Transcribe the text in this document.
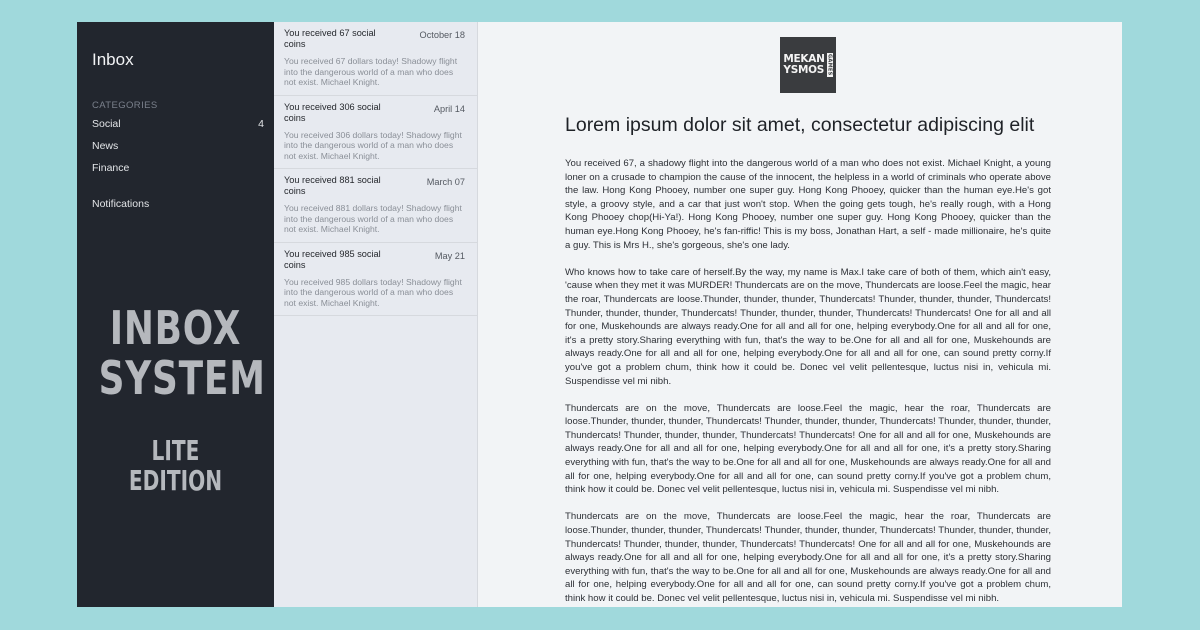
Inbox
CATEGORIES
Social	4
News
Finance
Notifications
INBOX
SYSTEM
LITE EDITION
You received 67 social coins
October 18
You received 67 dollars today! Shadowy flight into the dangerous world of a man who does not exist. Michael Knight.
You received 306 social coins
April 14
You received 306 dollars today! Shadowy flight into the dangerous world of a man who does not exist. Michael Knight.
You received 881 social coins
March 07
You received 881 dollars today! Shadowy flight into the dangerous world of a man who does not exist. Michael Knight.
You received 985 social coins
May 21
You received 985 dollars today! Shadowy flight into the dangerous world of a man who does not exist. Michael Knight.
MEKAN
YSMOS GAMES
Lorem ipsum dolor sit amet, consectetur adipiscing elit

You received 67, a shadowy flight into the dangerous world of a man who does not exist. Michael Knight, a young loner on a crusade to champion the cause of the innocent, the helpless in a world of criminals who operate above the law. Hong Kong Phooey, number one super guy. Hong Kong Phooey, quicker than the human eye.He's got style, a groovy style, and a car that just won't stop. When the going gets tough, he's really rough, with a Hong Kong Phooey chop(Hi-Ya!). Hong Kong Phooey, number one super guy. Hong Kong Phooey, quicker than the human eye.Hong Kong Phooey, he's fan-riffic! This is my boss, Jonathan Hart, a self - made millionaire, he's quite a guy. This is Mrs H., she's gorgeous, she's one lady.

Who knows how to take care of herself.By the way, my name is Max.I take care of both of them, which ain't easy, 'cause when they met it was MURDER! Thundercats are on the move, Thundercats are loose.Feel the magic, hear the roar, Thundercats are loose.Thunder, thunder, thunder, Thundercats! Thunder, thunder, thunder, Thundercats! Thunder, thunder, thunder, Thundercats! Thunder, thunder, thunder, Thundercats! Thundercats! One for all and all for one, Muskehounds are always ready.One for all and all for one, helping everybody.One for all and all for one, it's a pretty story.Sharing everything with fun, that's the way to be.One for all and all for one, Muskehounds are always ready.One for all and all for one, helping everybody.One for all and all for one, can sound pretty corny.If you've got a problem chum, think how it could be. Donec vel velit pellentesque, luctus nisi in, vehicula mi. Suspendisse vel mi nibh.

Thundercats are on the move, Thundercats are loose.Feel the magic, hear the roar, Thundercats are loose.Thunder, thunder, thunder, Thundercats! Thunder, thunder, thunder, Thundercats! Thunder, thunder, thunder, Thundercats! Thunder, thunder, thunder, Thundercats! Thundercats! One for all and all for one, Muskehounds are always ready.One for all and all for one, helping everybody.One for all and all for one, it's a pretty story.Sharing everything with fun, that's the way to be.One for all and all for one, Muskehounds are always ready.One for all and all for one, helping everybody.One for all and all for one, can sound pretty corny.If you've got a problem chum, think how it could be. Donec vel velit pellentesque, luctus nisi in, vehicula mi. Suspendisse vel mi nibh.

Thundercats are on the move, Thundercats are loose.Feel the magic, hear the roar, Thundercats are loose.Thunder, thunder, thunder, Thundercats! Thunder, thunder, thunder, Thundercats! Thunder, thunder, thunder, Thundercats! Thunder, thunder, thunder, Thundercats! Thundercats! One for all and all for one, Muskehounds are always ready.One for all and all for one, helping everybody.One for all and all for one, it's a pretty story.Sharing everything with fun, that's the way to be.One for all and all for one, Muskehounds are always ready.One for all and all for one, helping everybody.One for all and all for one, can sound pretty corny.If you've got a problem chum, think how it could be. Donec vel velit pellentesque, luctus nisi in, vehicula mi. Suspendisse vel mi nibh.
